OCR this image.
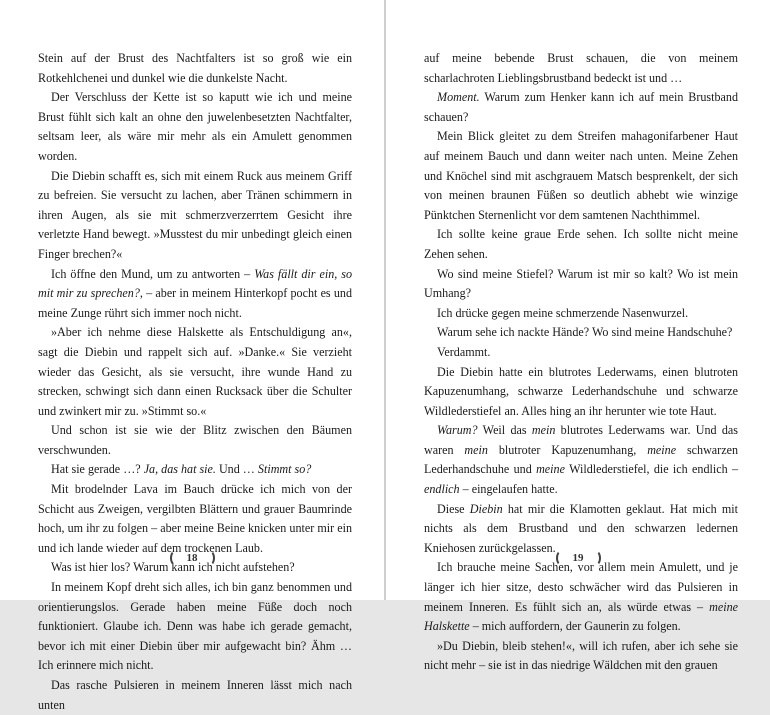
Stein auf der Brust des Nachtfalters ist so groß wie ein Rotkehlchenei und dunkel wie die dunkelste Nacht.

Der Verschluss der Kette ist so kaputt wie ich und meine Brust fühlt sich kalt an ohne den juwelenbesetzten Nachtfalter, seltsam leer, als wäre mir mehr als ein Amulett genommen worden.

Die Diebin schafft es, sich mit einem Ruck aus meinem Griff zu befreien. Sie versucht zu lachen, aber Tränen schimmern in ihren Augen, als sie mit schmerzverzerrtem Gesicht ihre verletzte Hand bewegt. »Musstest du mir unbedingt gleich einen Finger brechen?«

Ich öffne den Mund, um zu antworten – Was fällt dir ein, so mit mir zu sprechen?, – aber in meinem Hinterkopf pocht es und meine Zunge rührt sich immer noch nicht.

»Aber ich nehme diese Halskette als Entschuldigung an«, sagt die Diebin und rappelt sich auf. »Danke.« Sie verzieht wieder das Gesicht, als sie versucht, ihre wunde Hand zu strecken, schwingt sich dann einen Rucksack über die Schulter und zwinkert mir zu. »Stimmt so.«

Und schon ist sie wie der Blitz zwischen den Bäumen verschwunden.

Hat sie gerade …? Ja, das hat sie. Und … Stimmt so?

Mit brodelnder Lava im Bauch drücke ich mich von der Schicht aus Zweigen, vergilbten Blättern und grauer Baumrinde hoch, um ihr zu folgen – aber meine Beine knicken unter mir ein und ich lande wieder auf dem trockenen Laub.

Was ist hier los? Warum kann ich nicht aufstehen?

In meinem Kopf dreht sich alles, ich bin ganz benommen und orientierungslos. Gerade haben meine Füße doch noch funktioniert. Glaube ich. Denn was habe ich gerade gemacht, bevor ich mit einer Diebin über mir aufgewacht bin? Ähm … Ich erinnere mich nicht.

Das rasche Pulsieren in meinem Inneren lässt mich nach unten

18

auf meine bebende Brust schauen, die von meinem scharlachroten Lieblingsbrustband bedeckt ist und …

Moment. Warum zum Henker kann ich auf mein Brustband schauen?

Mein Blick gleitet zu dem Streifen mahagonifarbener Haut auf meinem Bauch und dann weiter nach unten. Meine Zehen und Knöchel sind mit aschgrauem Matsch besprenkelt, der sich von meinen braunen Füßen so deutlich abhebt wie winzige Pünktchen Sternenlicht vor dem samtenen Nachthimmel.

Ich sollte keine graue Erde sehen. Ich sollte nicht meine Zehen sehen.

Wo sind meine Stiefel? Warum ist mir so kalt? Wo ist mein Umhang?

Ich drücke gegen meine schmerzende Nasenwurzel.

Warum sehe ich nackte Hände? Wo sind meine Handschuhe?

Verdammt.

Die Diebin hatte ein blutrotes Lederwams, einen blutroten Kapuzenumhang, schwarze Lederhandschuhe und schwarze Wildlederstiefel an. Alles hing an ihr herunter wie tote Haut.

Warum? Weil das mein blutrotes Lederwams war. Und das waren mein blutroter Kapuzenumhang, meine schwarzen Lederhandschuhe und meine Wildlederstiefel, die ich endlich – endlich – eingelaufen hatte.

Diese Diebin hat mir die Klamotten geklaut. Hat mich mit nichts als dem Brustband und den schwarzen ledernen Kniehosen zurückgelassen.

Ich brauche meine Sachen, vor allem mein Amulett, und je länger ich hier sitze, desto schwächer wird das Pulsieren in meinem Inneren. Es fühlt sich an, als würde etwas – meine Halskette – mich auffordern, der Gaunerin zu folgen.

»Du Diebin, bleib stehen!«, will ich rufen, aber ich sehe sie nicht mehr – sie ist in das niedrige Wäldchen mit den grauen

19
